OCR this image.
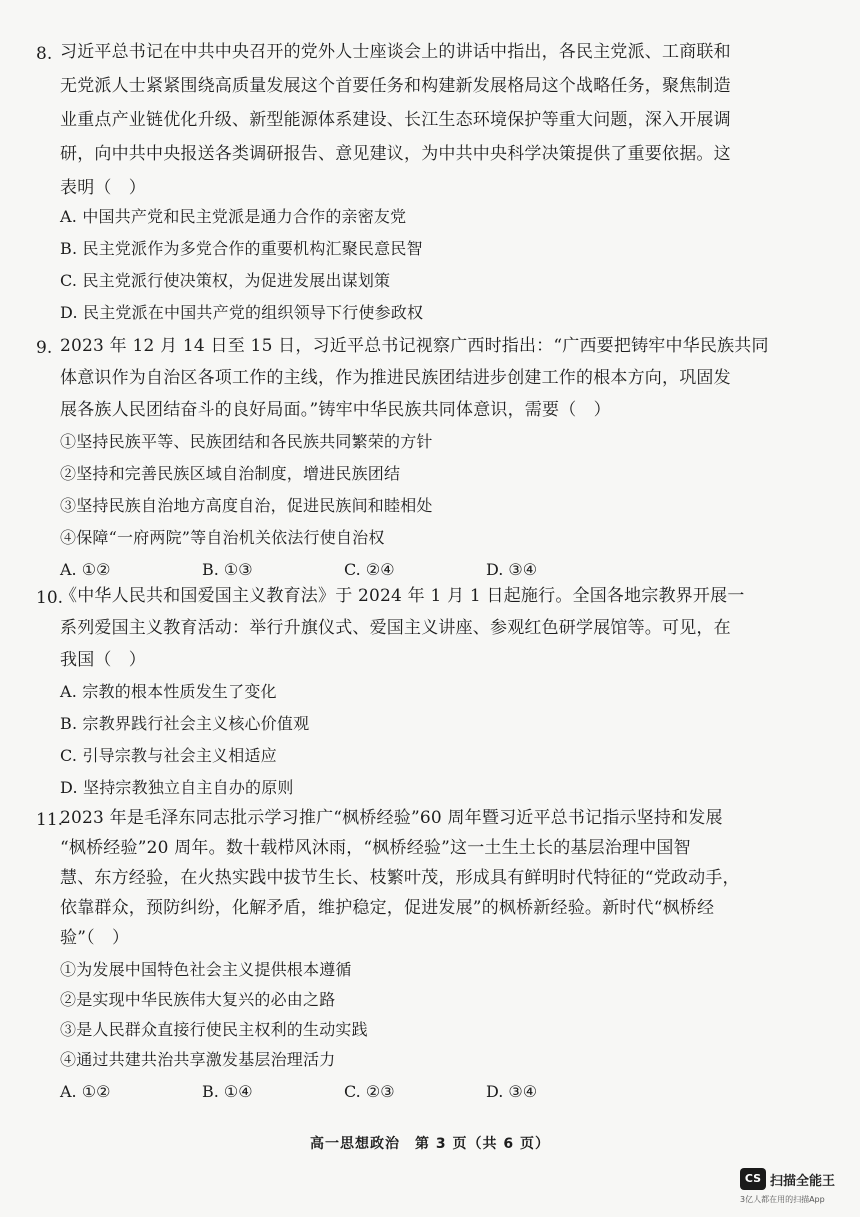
8. 习近平总书记在中共中央召开的党外人士座谈会上的讲话中指出，各民主党派、工商联和
无党派人士紧紧围绕高质量发展这个首要任务和构建新发展格局这个战略任务，聚焦制造
业重点产业链优化升级、新型能源体系建设、长江生态环境保护等重大问题，深入开展调
研，向中共中央报送各类调研报告、意见建议，为中共中央科学决策提供了重要依据。这
表明（　）
A. 中国共产党和民主党派是通力合作的亲密友党
B. 民主党派作为多党合作的重要机构汇聚民意民智
C. 民主党派行使决策权，为促进发展出谋划策
D. 民主党派在中国共产党的组织领导下行使参政权
9. 2023 年 12 月 14 日至 15 日，习近平总书记视察广西时指出：“广西要把铸牢中华民族共同
体意识作为自治区各项工作的主线，作为推进民族团结进步创建工作的根本方向，巩固发
展各族人民团结奋斗的良好局面。”铸牢中华民族共同体意识，需要（　）
①坚持民族平等、民族团结和各民族共同繁荣的方针
②坚持和完善民族区域自治制度，增进民族团结
③坚持民族自治地方高度自治，促进民族间和睦相处
④保障“一府两院”等自治机关依法行使自治权
A. ①②	B. ①③	C. ②④	D. ③④
10.
《中华人民共和国爱国主义教育法》于 2024 年 1 月 1 日起施行。全国各地宗教界开展一
系列爱国主义教育活动：举行升旗仪式、爱国主义讲座、参观红色研学展馆等。可见，在
我国（　）
A. 宗教的根本性质发生了变化
B. 宗教界践行社会主义核心价值观
C. 引导宗教与社会主义相适应
D. 坚持宗教独立自主自办的原则
11.
2023 年是毛泽东同志批示学习推广“枫桥经验”60 周年暨习近平总书记指示坚持和发展
“枫桥经验”20 周年。数十载栉风沐雨，“枫桥经验”这一土生土长的基层治理中国智
慧、东方经验，在火热实践中拔节生长、枝繁叶茂，形成具有鲜明时代特征的“党政动手，
依靠群众，预防纠纷，化解矛盾，维护稳定，促进发展”的枫桥新经验。新时代“枫桥经
验”（　）
①为发展中国特色社会主义提供根本遵循
②是实现中华民族伟大复兴的必由之路
③是人民群众直接行使民主权利的生动实践
④通过共建共治共享激发基层治理活力
A. ①②	B. ①④	C. ②③	D. ③④
高一思想政治　第 3 页（共 6 页）
CS 扫描全能王
3亿人都在用的扫描App
